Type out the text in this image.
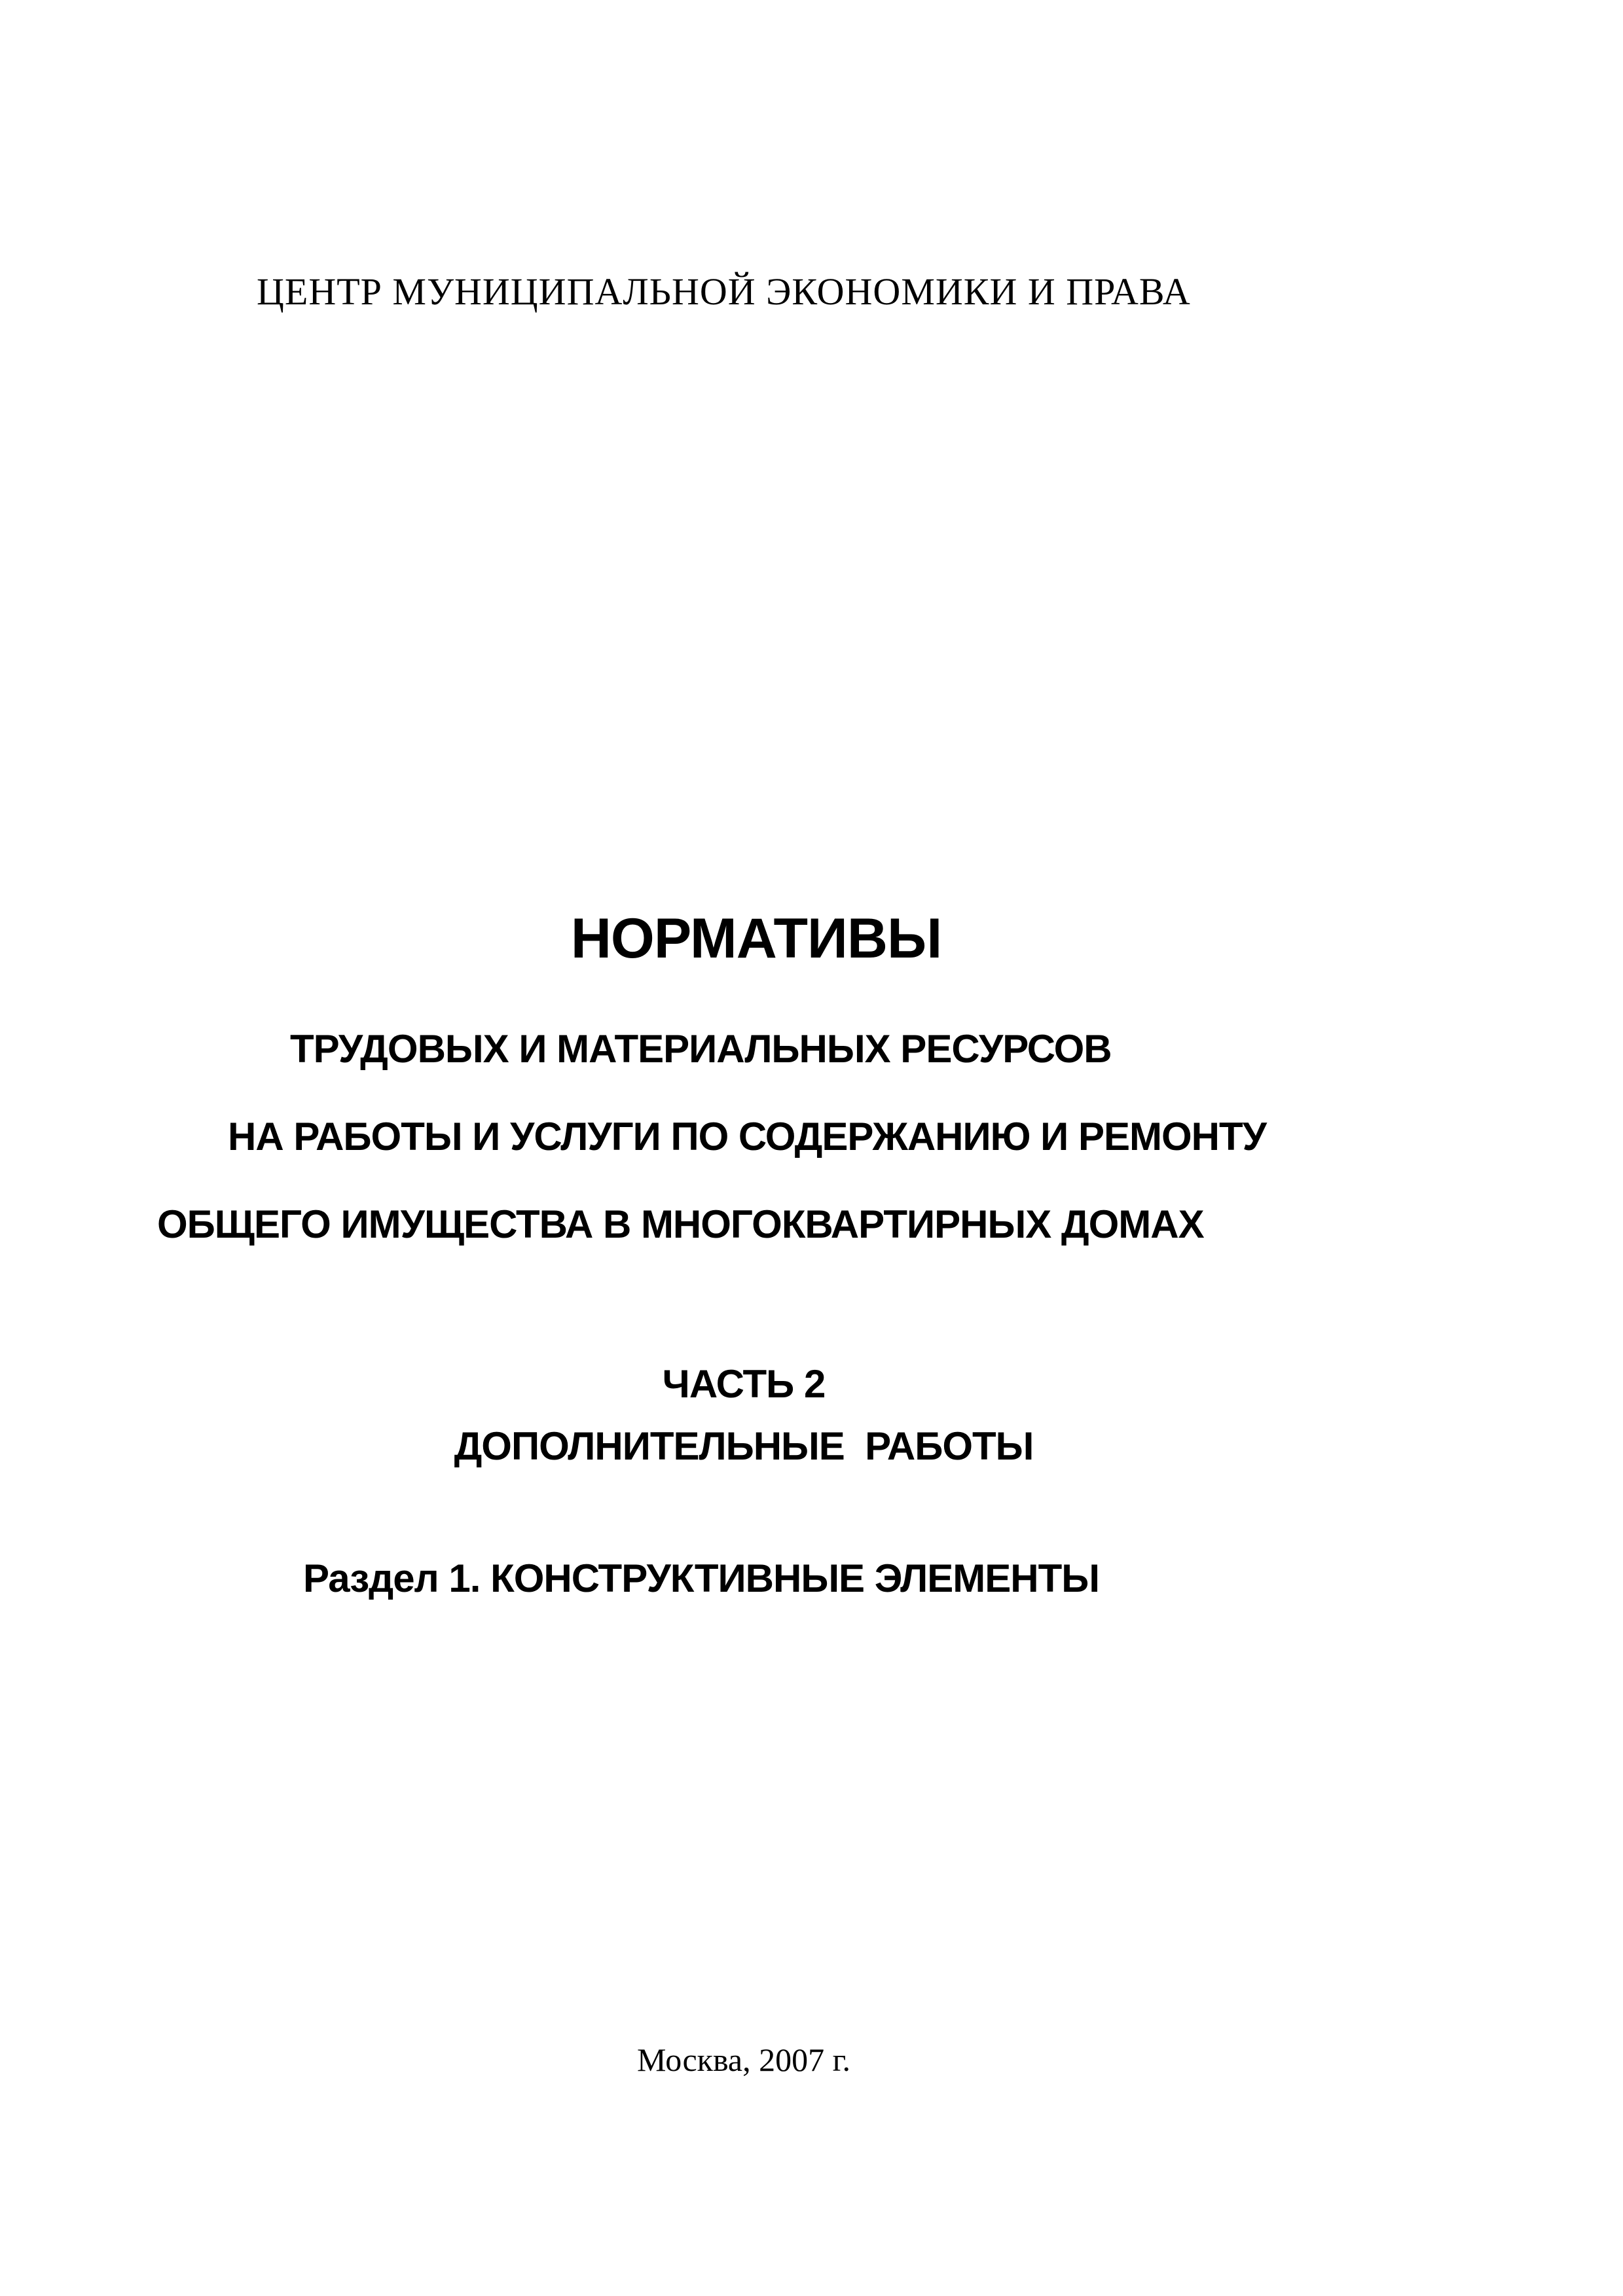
ЦЕНТР МУНИЦИПАЛЬНОЙ ЭКОНОМИКИ И ПРАВА

НОРМАТИВЫ

ТРУДОВЫХ И МАТЕРИАЛЬНЫХ РЕСУРСОВ

НА РАБОТЫ И УСЛУГИ ПО СОДЕРЖАНИЮ И РЕМОНТУ

ОБЩЕГО ИМУЩЕСТВА В МНОГОКВАРТИРНЫХ ДОМАХ

ЧАСТЬ 2

ДОПОЛНИТЕЛЬНЫЕ  РАБОТЫ

Раздел 1. КОНСТРУКТИВНЫЕ ЭЛЕМЕНТЫ

Москва, 2007 г.
